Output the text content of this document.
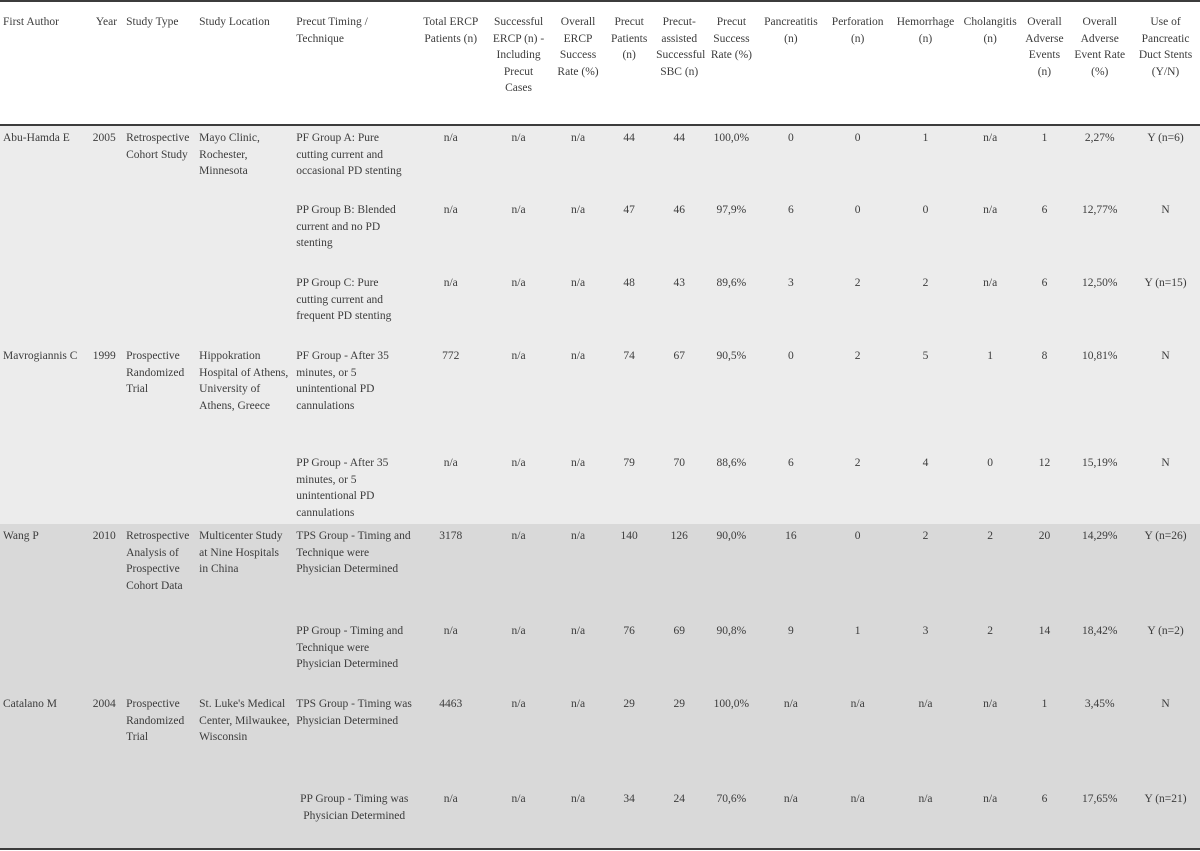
First Author	Year	Study Type	Study Location	Precut Timing / Technique	Total ERCP Patients (n)	Successful ERCP (n) - Including Precut Cases	Overall ERCP Success Rate (%)	Precut Patients (n)	Precut-assisted Successful SBC (n)	Precut Success Rate (%)	Pancreatitis (n)	Perforation (n)	Hemorrhage (n)	Cholangitis (n)	Overall Adverse Events (n)	Overall Adverse Event Rate (%)	Use of Pancreatic Duct Stents (Y/N)
Abu-Hamda E	2005	Retrospective Cohort Study	Mayo Clinic, Rochester, Minnesota	PF Group A: Pure cutting current and occasional PD stenting	n/a	n/a	n/a	44	44	100,0%	0	0	1	n/a	1	2,27%	Y (n=6)
				PP Group B: Blended current and no PD stenting	n/a	n/a	n/a	47	46	97,9%	6	0	0	n/a	6	12,77%	N
				PP Group C: Pure cutting current and frequent PD stenting	n/a	n/a	n/a	48	43	89,6%	3	2	2	n/a	6	12,50%	Y (n=15)
Mavrogiannis C	1999	Prospective Randomized Trial	Hippokration Hospital of Athens, University of Athens, Greece	PF Group - After 35 minutes, or 5 unintentional PD cannulations	772	n/a	n/a	74	67	90,5%	0	2	5	1	8	10,81%	N
				PP Group - After 35 minutes, or 5 unintentional PD cannulations	n/a	n/a	n/a	79	70	88,6%	6	2	4	0	12	15,19%	N
Wang P	2010	Retrospective Analysis of Prospective Cohort Data	Multicenter Study at Nine Hospitals in China	TPS Group - Timing and Technique were Physician Determined	3178	n/a	n/a	140	126	90,0%	16	0	2	2	20	14,29%	Y (n=26)
				PP Group - Timing and Technique were Physician Determined	n/a	n/a	n/a	76	69	90,8%	9	1	3	2	14	18,42%	Y (n=2)
Catalano M	2004	Prospective Randomized Trial	St. Luke's Medical Center, Milwaukee, Wisconsin	TPS Group - Timing was Physician Determined	4463	n/a	n/a	29	29	100,0%	n/a	n/a	n/a	n/a	1	3,45%	N
				PP Group - Timing was Physician Determined	n/a	n/a	n/a	34	24	70,6%	n/a	n/a	n/a	n/a	6	17,65%	Y (n=21)
